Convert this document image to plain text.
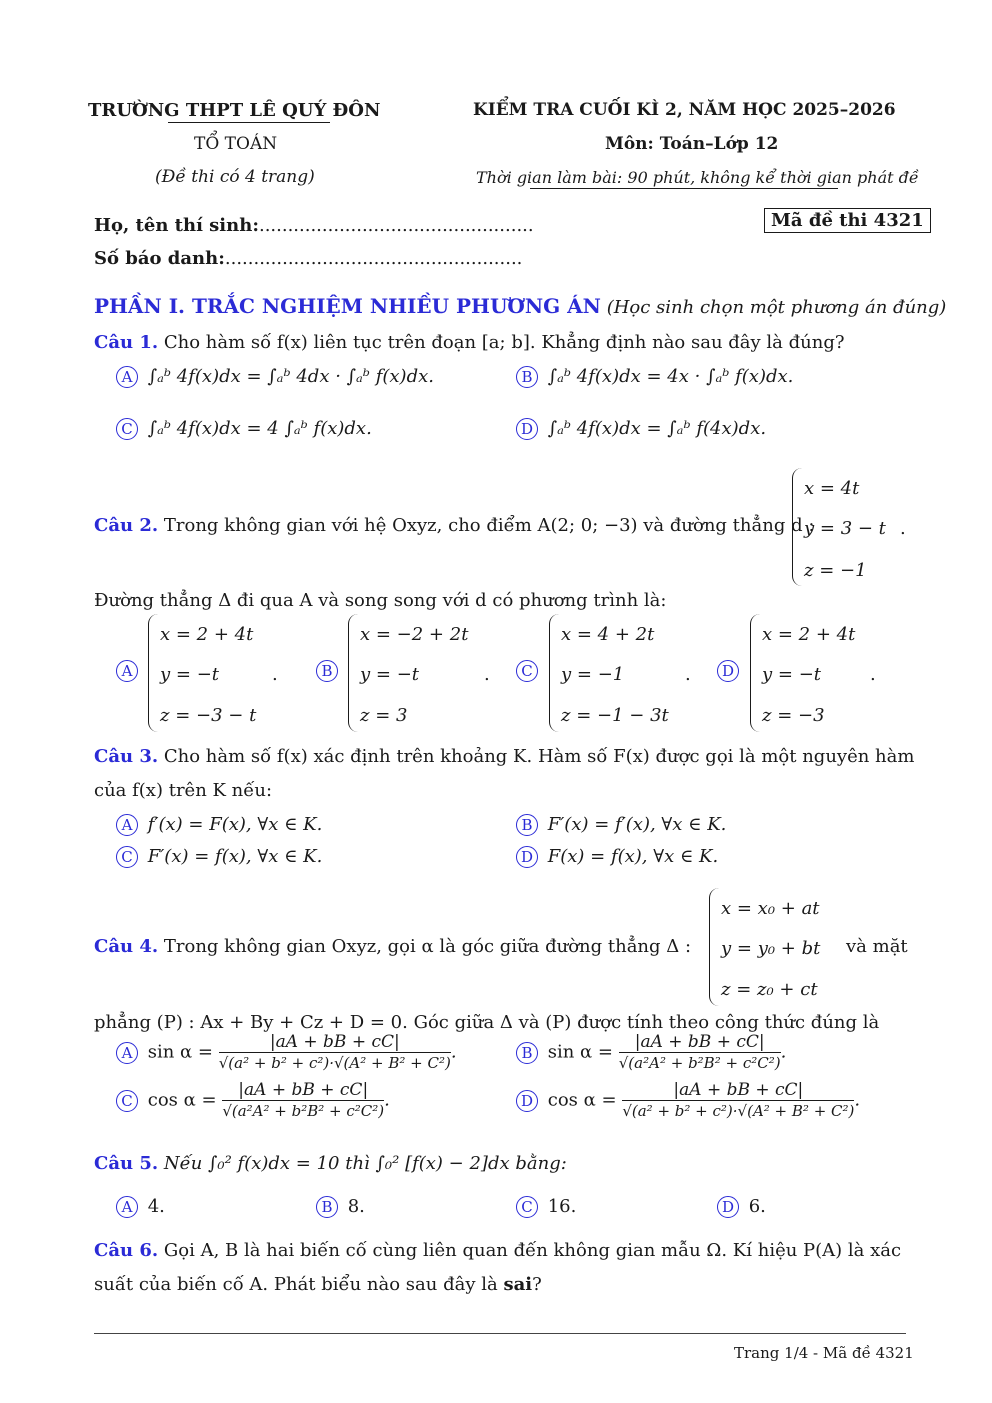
TRƯỜNG THPT LÊ QUÝ ĐÔN
TỔ TOÁN
(Đề thi có 4 trang)
KIỂM TRA CUỐI KÌ 2, NĂM HỌC 2025–2026
Môn: Toán–Lớp 12
Thời gian làm bài: 90 phút, không kể thời gian phát đề
Họ, tên thí sinh:................................................
Số báo danh:....................................................
Mã đề thi 4321
PHẦN I. TRẮC NGHIỆM NHIỀU PHƯƠNG ÁN (Học sinh chọn một phương án đúng)
Câu 1. Cho hàm số f(x) liên tục trên đoạn [a; b]. Khẳng định nào sau đây là đúng?
A ∫ₐᵇ 4f(x)dx = ∫ₐᵇ 4dx · ∫ₐᵇ f(x)dx.	B ∫ₐᵇ 4f(x)dx = 4x · ∫ₐᵇ f(x)dx.
C ∫ₐᵇ 4f(x)dx = 4 ∫ₐᵇ f(x)dx.	D ∫ₐᵇ 4f(x)dx = ∫ₐᵇ f(4x)dx.
Câu 2. Trong không gian với hệ Oxyz, cho điểm A(2; 0; −3) và đường thẳng d :
x = 4t
y = 3 − t
z = −1
.
Đường thẳng Δ đi qua A và song song với d có phương trình là:
A
x = 2 + 4t
y = −t
z = −3 − t
.	B
x = −2 + 2t
y = −t
z = 3
.	C
x = 4 + 2t
y = −1
z = −1 − 3t
.	D
x = 2 + 4t
y = −t
z = −3
.
Câu 3. Cho hàm số f(x) xác định trên khoảng K. Hàm số F(x) được gọi là một nguyên hàm
của f(x) trên K nếu:
A f′(x) = F(x), ∀x ∈ K.	B F′(x) = f′(x), ∀x ∈ K.
C F′(x) = f(x), ∀x ∈ K.	D F(x) = f(x), ∀x ∈ K.
Câu 4. Trong không gian Oxyz, gọi α là góc giữa đường thẳng Δ :
x = x₀ + at
y = y₀ + bt
z = z₀ + ct
và mặt
phẳng (P) : Ax + By + Cz + D = 0. Góc giữa Δ và (P) được tính theo công thức đúng là
A $\sin \alpha = \frac{|aA + bB + cC|}{\text{√(a² + b² + c²)·√(A² + B² + C²)}}$ .	B $\sin \alpha = \frac{|aA + bB + cC|}{\text{√(a²A² + b²B² + c²C²)}}$ .
C $\cos \alpha = \frac{|aA + bB + cC|}{\text{√(a²A² + b²B² + c²C²)}}$ .	D $\cos \alpha = \frac{|aA + bB + cC|}{\text{√(a² + b² + c²)·√(A² + B² + C²)}}$ .
Câu 5. Nếu ∫₀² f(x)dx = 10 thì ∫₀² [f(x) − 2]dx bằng:
A 4.	B 8.	C 16.	D 6.
Câu 6. Gọi A, B là hai biến cố cùng liên quan đến không gian mẫu Ω. Kí hiệu P(A) là xác
suất của biến cố A. Phát biểu nào sau đây là sai?
Trang 1/4 - Mã đề 4321
